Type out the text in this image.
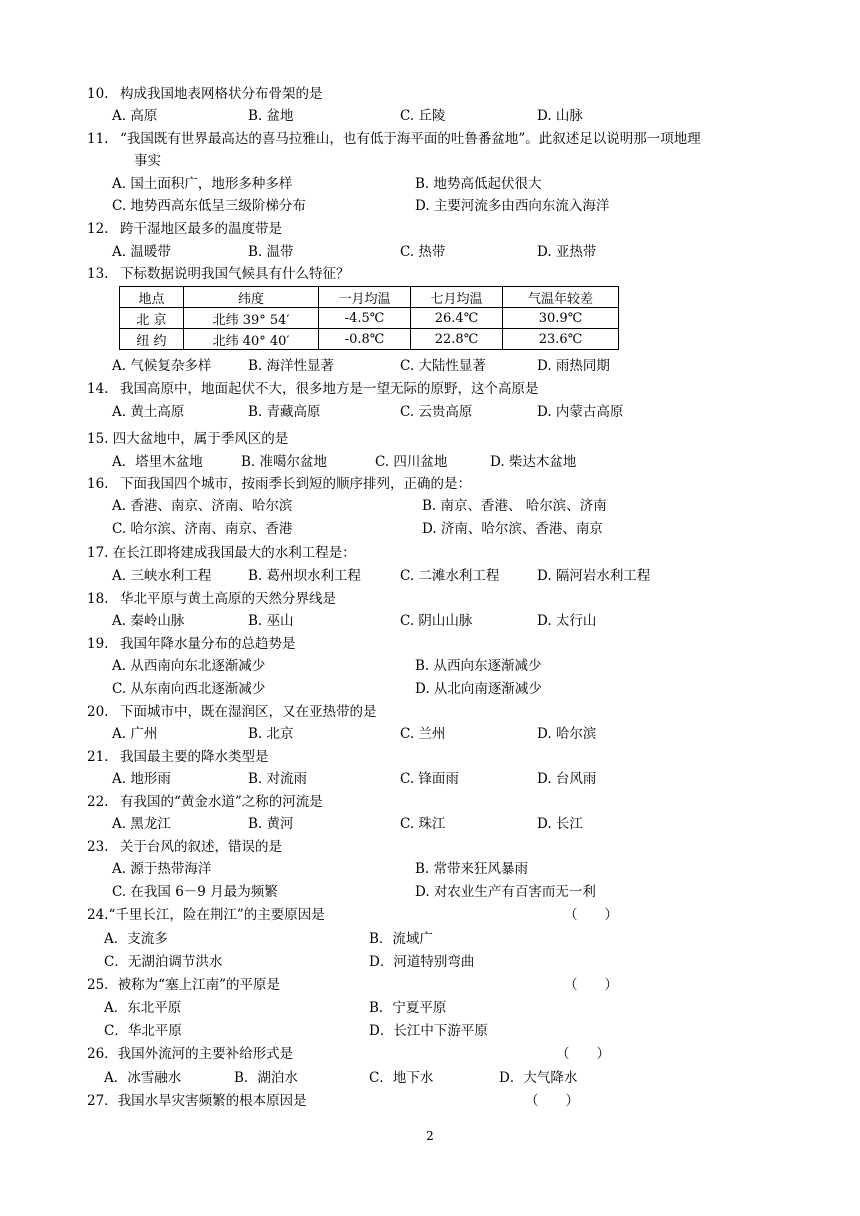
10. 构成我国地表网格状分布骨架的是
A. 高原	B. 盆地	C. 丘陵	D. 山脉
11. “我国既有世界最高达的喜马拉雅山，也有低于海平面的吐鲁番盆地”。此叙述足以说明那一项地理
事实
A. 国土面积广，地形多种多样	B. 地势高低起伏很大
C. 地势西高东低呈三级阶梯分布	D. 主要河流多由西向东流入海洋
12. 跨干湿地区最多的温度带是
A. 温暖带	B. 温带	C. 热带	D. 亚热带
13. 下标数据说明我国气候具有什么特征？
地点	纬度	一月均温	七月均温	气温年较差
北 京	北纬 39° 54′	-4.5℃	26.4℃	30.9℃
纽 约	北纬 40° 40′	-0.8℃	22.8℃	23.6℃
A. 气候复杂多样	B. 海洋性显著	C. 大陆性显著	D. 雨热同期
14. 我国高原中，地面起伏不大，很多地方是一望无际的原野，这个高原是
A. 黄土高原	B. 青藏高原	C. 云贵高原	D. 内蒙古高原
15. 四大盆地中，属于季风区的是
A．塔里木盆地	B. 准噶尔盆地	C. 四川盆地	D. 柴达木盆地
16. 下面我国四个城市，按雨季长到短的顺序排列，正确的是：
A. 香港、南京、济南、哈尔滨	B. 南京、香港、 哈尔滨、济南
C. 哈尔滨、济南、南京、香港	D. 济南、哈尔滨、香港、南京
17. 在长江即将建成我国最大的水利工程是：
A. 三峡水利工程	B. 葛州坝水利工程	C. 二滩水利工程	D. 隔河岩水利工程
18. 华北平原与黄土高原的天然分界线是
A. 秦岭山脉	B. 巫山	C. 阴山山脉	D. 太行山
19. 我国年降水量分布的总趋势是
A. 从西南向东北逐渐减少	B. 从西向东逐渐减少
C. 从东南向西北逐渐减少	D. 从北向南逐渐减少
20. 下面城市中，既在湿润区，又在亚热带的是
A. 广州	B. 北京	C. 兰州	D. 哈尔滨
21. 我国最主要的降水类型是
A. 地形雨	B. 对流雨	C. 锋面雨	D. 台风雨
22. 有我国的“黄金水道”之称的河流是
A. 黑龙江	B. 黄河	C. 珠江	D. 长江
23. 关于台风的叙述，错误的是
A. 源于热带海洋	B. 常带来狂风暴雨
C. 在我国 6－9 月最为频繁	D. 对农业生产有百害而无一利
24.“千里长江，险在荆江”的主要原因是	（　　）
A．支流多	B．流域广
C．无湖泊调节洪水	D．河道特别弯曲
25．被称为“塞上江南”的平原是	（　　）
A．东北平原	B．宁夏平原
C．华北平原	D．长江中下游平原
26．我国外流河的主要补给形式是	（　　）
A．冰雪融水	B．湖泊水	C．地下水	D．大气降水
27．我国水旱灾害频繁的根本原因是	（　　）
2
